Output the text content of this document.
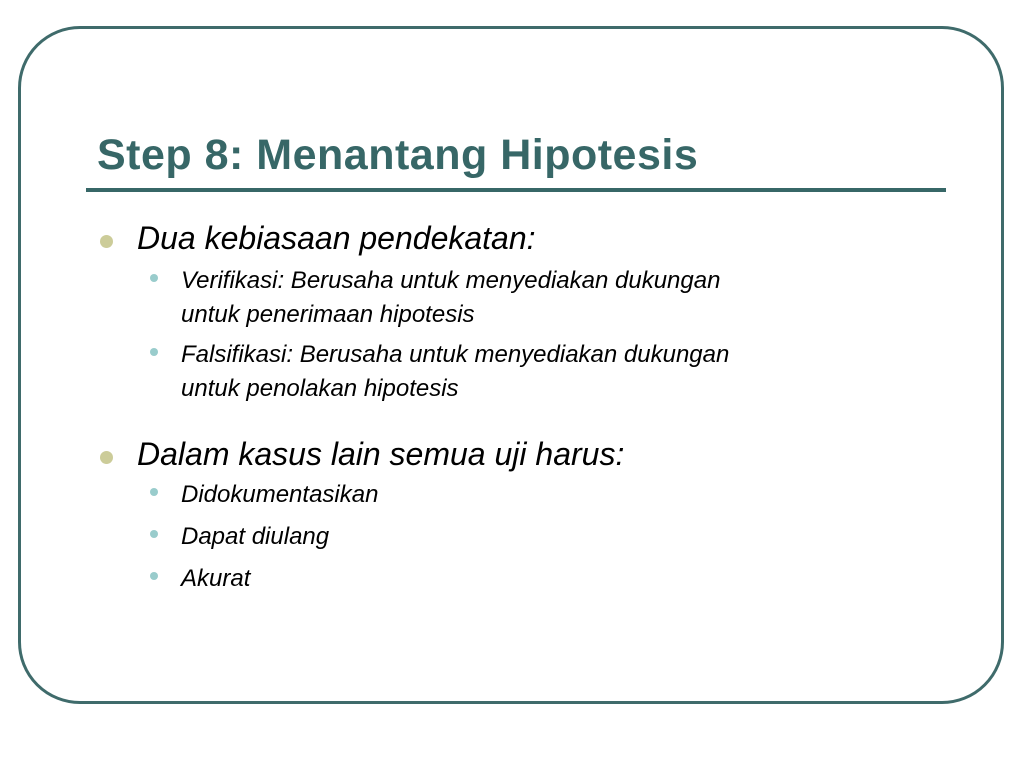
Step 8: Menantang Hipotesis
Dua kebiasaan pendekatan:
Verifikasi: Berusaha untuk menyediakan dukungan
untuk penerimaan hipotesis
Falsifikasi: Berusaha untuk menyediakan dukungan
untuk penolakan hipotesis
Dalam kasus lain semua uji harus:
Didokumentasikan
Dapat diulang
Akurat
